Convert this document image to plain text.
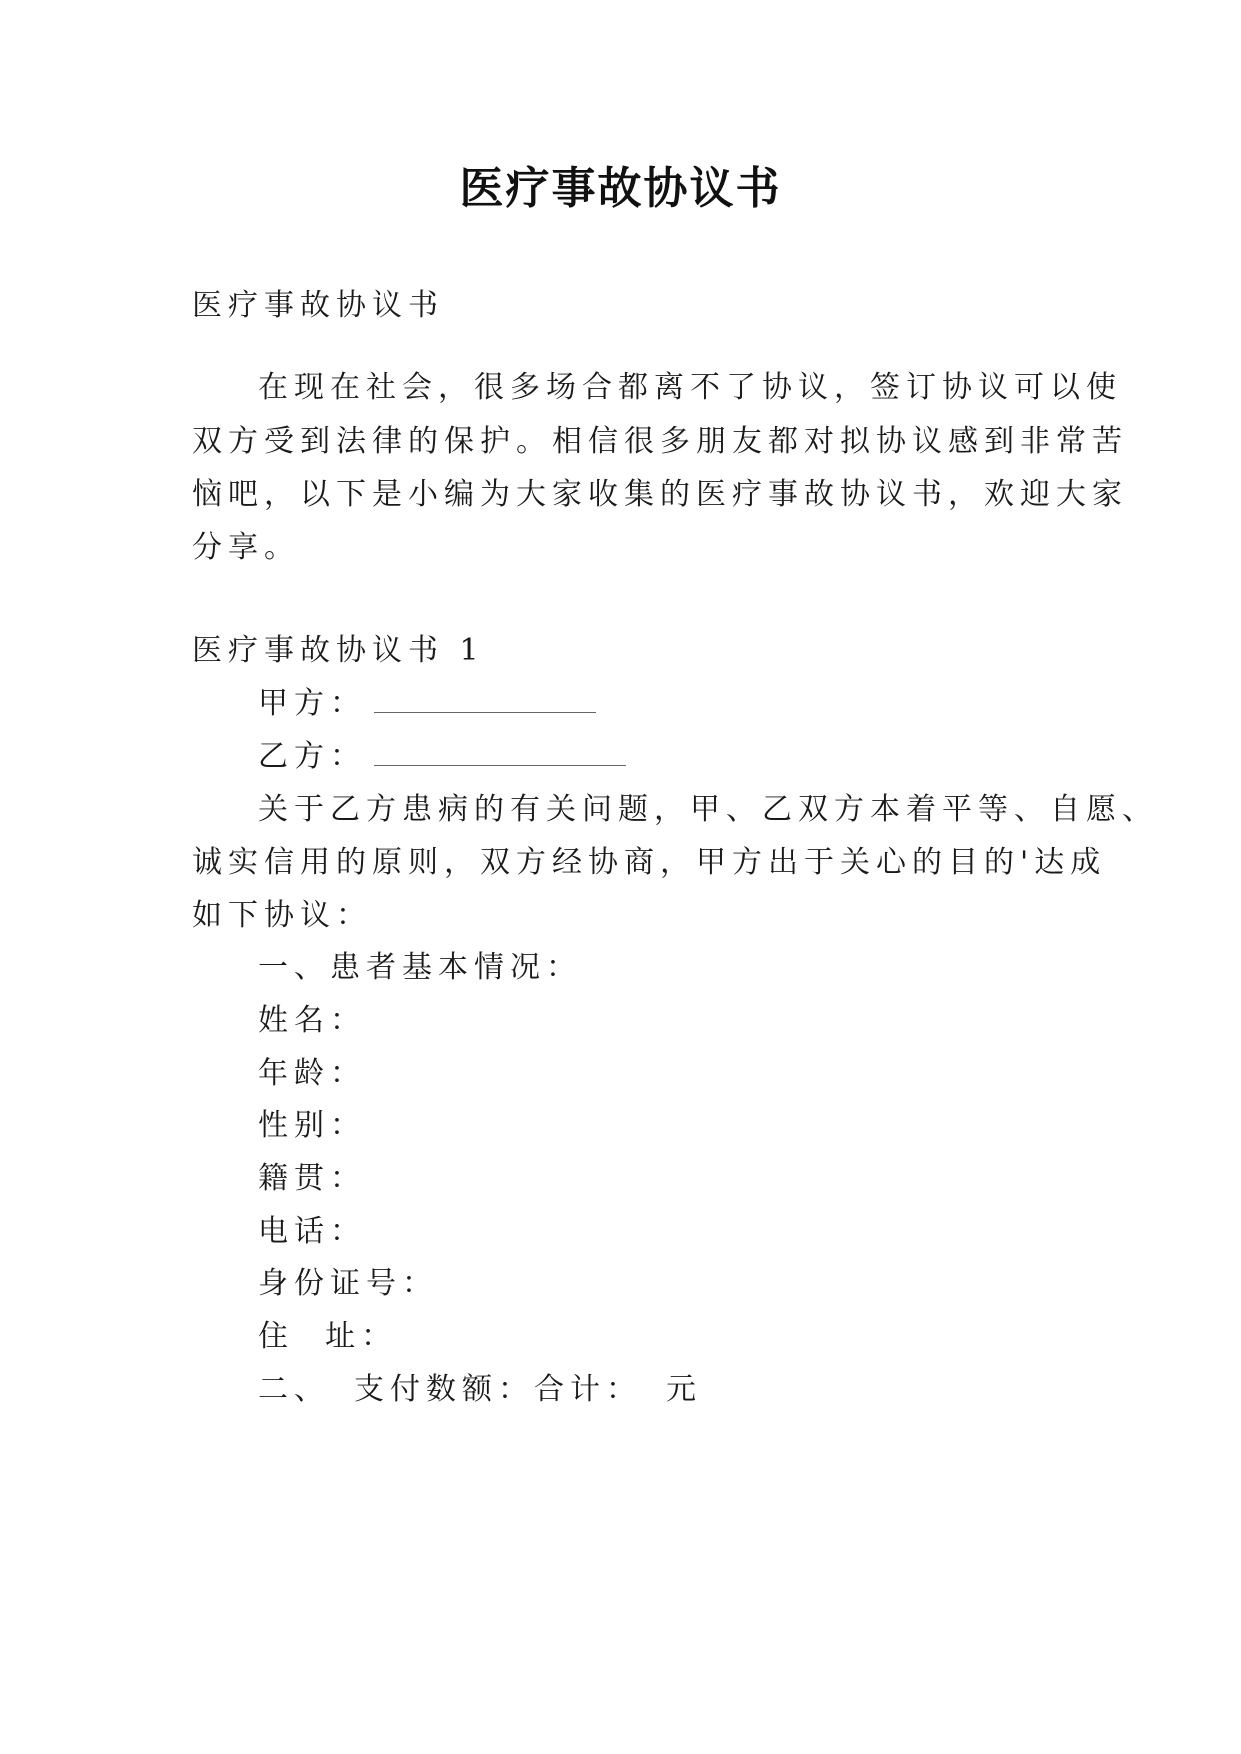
医疗事故协议书
医疗事故协议书
在现在社会，很多场合都离不了协议，签订协议可以使
双方受到法律的保护。相信很多朋友都对拟协议感到非常苦
恼吧，以下是小编为大家收集的医疗事故协议书，欢迎大家
分享。
医疗事故协议书 1
甲方：
乙方：
关于乙方患病的有关问题，甲、乙双方本着平等、自愿、
诚实信用的原则，双方经协商，甲方出于关心的目的'达成
如下协议：
一、患者基本情况：
姓名：
年龄：
性别：
籍贯：
电话：
身份证号：
住  址：
二、 支付数额：合计： 元
